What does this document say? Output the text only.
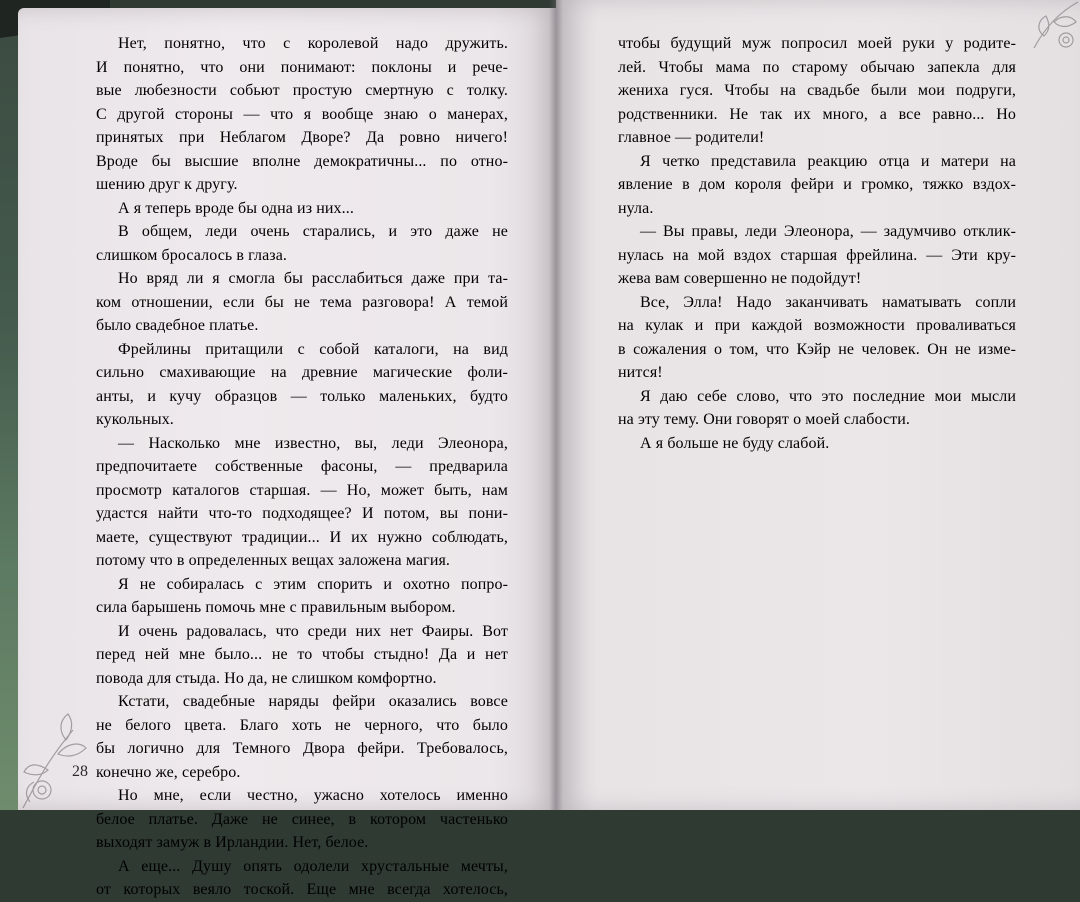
Нет, понятно, что с королевой надо дружить.
И понятно, что они понимают: поклоны и рече-
вые любезности собьют простую смертную с толку.
С другой стороны — что я вообще знаю о манерах,
принятых при Неблагом Дворе? Да ровно ничего!
Вроде бы высшие вполне демократичны... по отно-
шению друг к другу.
А я теперь вроде бы одна из них...
В общем, леди очень старались, и это даже не
слишком бросалось в глаза.
Но вряд ли я смогла бы расслабиться даже при та-
ком отношении, если бы не тема разговора! А темой
было свадебное платье.
Фрейлины притащили с собой каталоги, на вид
сильно смахивающие на древние магические фоли-
анты, и кучу образцов — только маленьких, будто
кукольных.
— Насколько мне известно, вы, леди Элеонора,
предпочитаете собственные фасоны, — предварила
просмотр каталогов старшая. — Но, может быть, нам
удастся найти что-то подходящее? И потом, вы пони-
маете, существуют традиции... И их нужно соблюдать,
потому что в определенных вещах заложена магия.
Я не собиралась с этим спорить и охотно попро-
сила барышень помочь мне с правильным выбором.
И очень радовалась, что среди них нет Фаиры. Вот
перед ней мне было... не то чтобы стыдно! Да и нет
повода для стыда. Но да, не слишком комфортно.
Кстати, свадебные наряды фейри оказались вовсе
не белого цвета. Благо хоть не черного, что было
бы логично для Темного Двора фейри. Требовалось,
конечно же, серебро.
Но мне, если честно, ужасно хотелось именно
белое платье. Даже не синее, в котором частенько
выходят замуж в Ирландии. Нет, белое.
А еще... Душу опять одолели хрустальные мечты,
от которых веяло тоской. Еще мне всегда хотелось,
чтобы будущий муж попросил моей руки у родите-
лей. Чтобы мама по старому обычаю запекла для
жениха гуся. Чтобы на свадьбе были мои подруги,
родственники. Не так их много, а все равно... Но
главное — родители!
Я четко представила реакцию отца и матери на
явление в дом короля фейри и громко, тяжко вздох-
нула.
— Вы правы, леди Элеонора, — задумчиво отклик-
нулась на мой вздох старшая фрейлина. — Эти кру-
жева вам совершенно не подойдут!
Все, Элла! Надо заканчивать наматывать сопли
на кулак и при каждой возможности проваливаться
в сожаления о том, что Кэйр не человек. Он не изме-
нится!
Я даю себе слово, что это последние мои мысли
на эту тему. Они говорят о моей слабости.
А я больше не буду слабой.
28
